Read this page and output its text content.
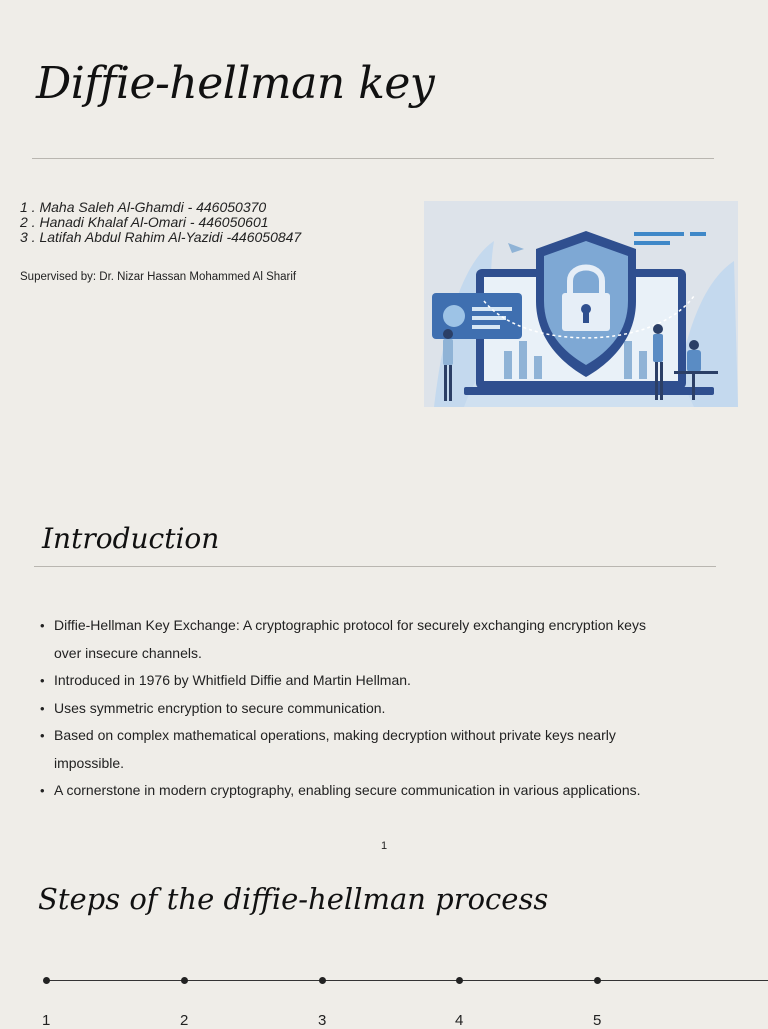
Diffie-hellman key
1 . Maha Saleh Al-Ghamdi - 446050370
2 . Hanadi Khalaf Al-Omari - 446050601
3 . Latifah Abdul Rahim Al-Yazidi -446050847
Supervised by: Dr. Nizar Hassan Mohammed Al Sharif
Introduction
• Diffie-Hellman Key Exchange: A cryptographic protocol for securely exchanging encryption keys over insecure channels.
• Introduced in 1976 by Whitfield Diffie and Martin Hellman.
• Uses symmetric encryption to secure communication.
• Based on complex mathematical operations, making decryption without private keys nearly impossible.
• A cornerstone in modern cryptography, enabling secure communication in various applications.
1
Steps of the diffie-hellman process
1	2	3	4	5
